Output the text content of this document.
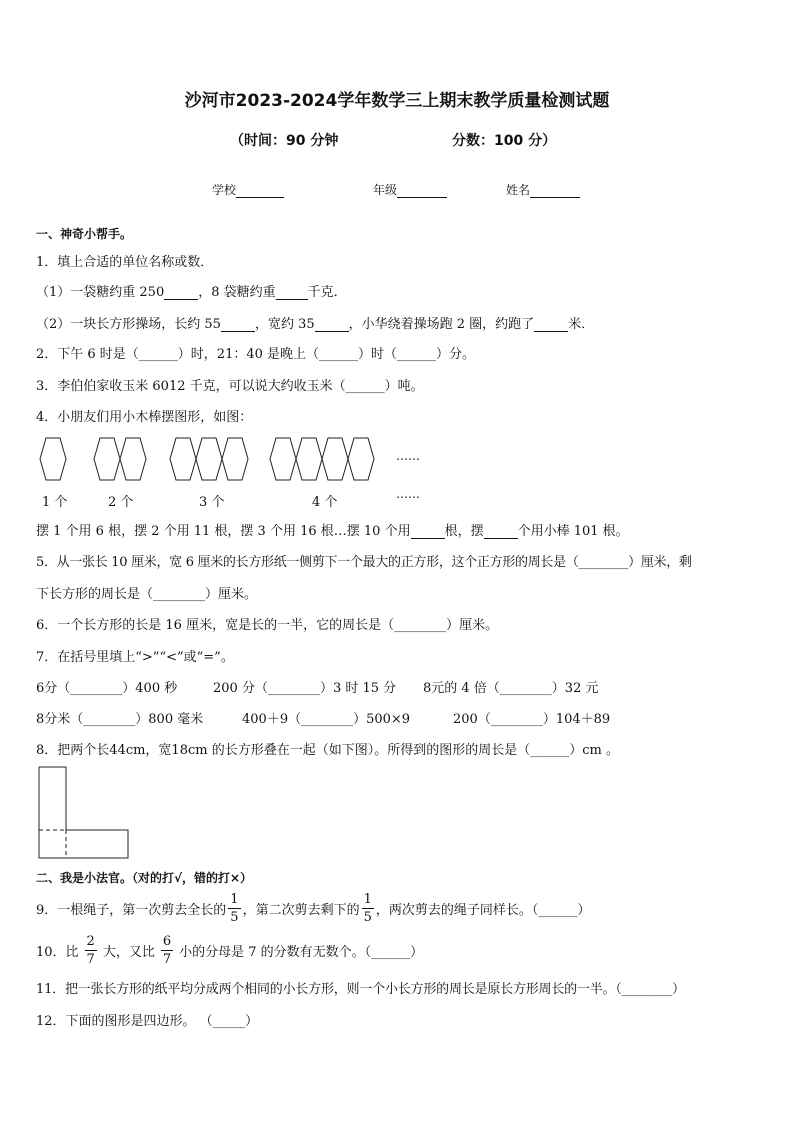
沙河市2023-2024学年数学三上期末教学质量检测试题
（时间：90 分钟	分数：100 分）
学校	年级	姓名
一、神奇小帮手。
1．填上合适的单位名称或数．
（1）一袋糖约重 250	，8 袋糖约重 千克．
（2）一块长方形操场，长约 55	，宽约 35	，小华绕着操场跑 2 圈，约跑了	米．
2．下午 6 时是（______）时，21：40 是晚上（______）时（______）分。
3．李伯伯家收玉米 6012 千克，可以说大约收玉米（______）吨。
4．小朋友们用小木棒摆图形，如图：
1 个	2 个	3 个	4 个
……
……
摆 1 个用 6 根，摆 2 个用 11 根，摆 3 个用 16 根…摆 10 个用	根，摆	个用小棒 101 根。
5．从一张长 10 厘米，宽 6 厘米的长方形纸一侧剪下一个最大的正方形，这个正方形的周长是（________）厘米，剩
下长方形的周长是（________）厘米。
6．一个长方形的长是 16 厘米，宽是长的一半，它的周长是（________）厘米。
7．在括号里填上“>”“<”或“=”。
6分（________）400 秒	200 分（________）3 时 15 分 8元的 4 倍（________）32 元
8分米（________）800 毫米	400＋9（________）500×9	200（________）104＋89
8．把两个长44cm，宽18cm 的长方形叠在一起（如下图）。所得到的图形的周长是（______）cm 。
二、我是小法官。（对的打√，错的打×）
9．一根绳子，第一次剪去全长的 $\frac{1}{5}$ ，第二次剪去剩下的 $\frac{1}{5}$ ，两次剪去的绳子同样长。（______）
10．比 $\frac{2}{7}$ 大，又比 $\frac{6}{7}$ 小的分母是 7 的分数有无数个。（______）
11．把一张长方形的纸平均分成两个相同的小长方形，则一个小长方形的周长是原长方形周长的一半。（________）
12．下面的图形是四边形。 （_____）
